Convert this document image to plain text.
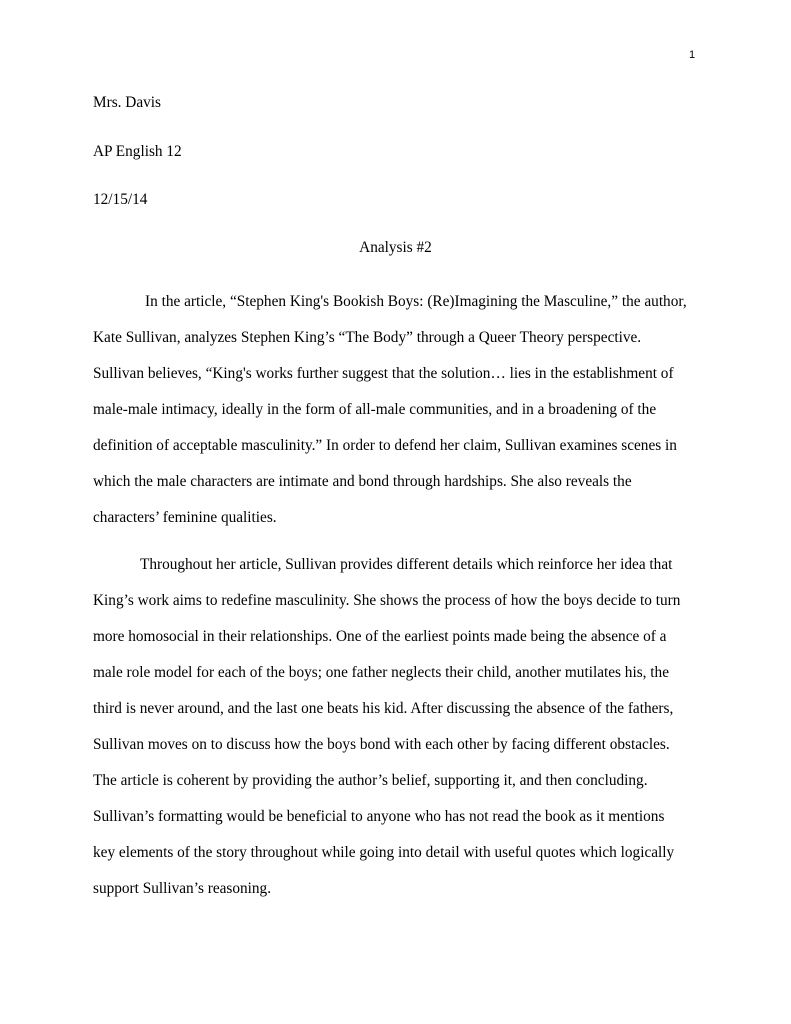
1
Mrs. Davis
AP English 12
12/15/14
Analysis #2
In the article, “Stephen King's Bookish Boys: (Re)Imagining the Masculine,” the author,
Kate Sullivan, analyzes Stephen King’s “The Body” through a Queer Theory perspective.
Sullivan believes, “King's works further suggest that the solution… lies in the establishment of
male-male intimacy, ideally in the form of all-male communities, and in a broadening of the
definition of acceptable masculinity.” In order to defend her claim, Sullivan examines scenes in
which the male characters are intimate and bond through hardships. She also reveals the
characters’ feminine qualities.
Throughout her article, Sullivan provides different details which reinforce her idea that
King’s work aims to redefine masculinity. She shows the process of how the boys decide to turn
more homosocial in their relationships. One of the earliest points made being the absence of a
male role model for each of the boys; one father neglects their child, another mutilates his, the
third is never around, and the last one beats his kid. After discussing the absence of the fathers,
Sullivan moves on to discuss how the boys bond with each other by facing different obstacles.
The article is coherent by providing the author’s belief, supporting it, and then concluding.
Sullivan’s formatting would be beneficial to anyone who has not read the book as it mentions
key elements of the story throughout while going into detail with useful quotes which logically
support Sullivan’s reasoning.
